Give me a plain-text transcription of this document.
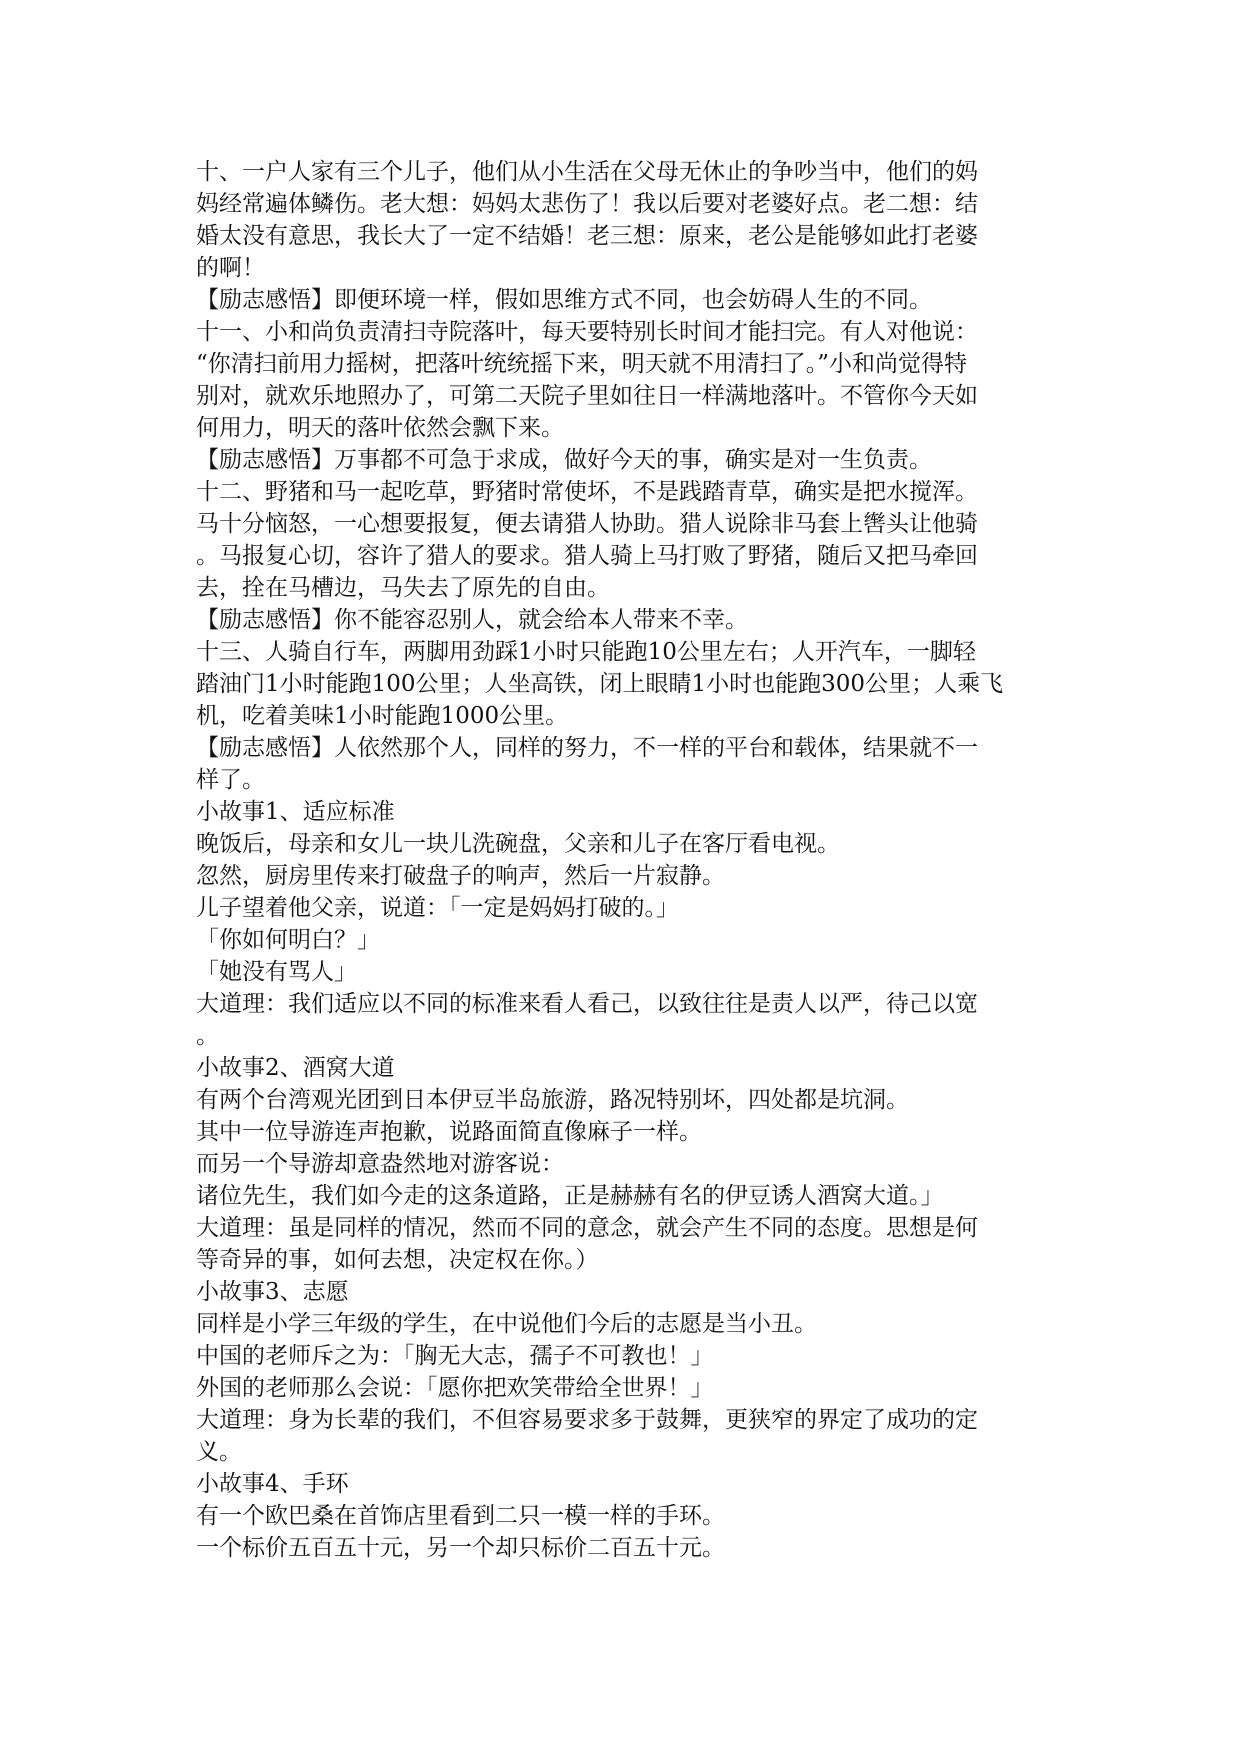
十、一户人家有三个儿子，他们从小生活在父母无休止的争吵当中，他们的妈

妈经常遍体鳞伤。老大想：妈妈太悲伤了！我以后要对老婆好点。老二想：结

婚太没有意思，我长大了一定不结婚！老三想：原来，老公是能够如此打老婆

的啊！

【励志感悟】即便环境一样，假如思维方式不同，也会妨碍人生的不同。

十一、小和尚负责清扫寺院落叶，每天要特别长时间才能扫完。有人对他说：

“你清扫前用力摇树，把落叶统统摇下来，明天就不用清扫了。”小和尚觉得特

别对，就欢乐地照办了，可第二天院子里如往日一样满地落叶。不管你今天如

何用力，明天的落叶依然会飘下来。

【励志感悟】万事都不可急于求成，做好今天的事，确实是对一生负责。

十二、野猪和马一起吃草，野猪时常使坏，不是践踏青草，确实是把水搅浑。

马十分恼怒，一心想要报复，便去请猎人协助。猎人说除非马套上辔头让他骑

。马报复心切，容许了猎人的要求。猎人骑上马打败了野猪，随后又把马牵回

去，拴在马槽边，马失去了原先的自由。

【励志感悟】你不能容忍别人，就会给本人带来不幸。

十三、人骑自行车，两脚用劲踩1小时只能跑10公里左右；人开汽车，一脚轻

踏油门1小时能跑100公里；人坐高铁，闭上眼睛1小时也能跑300公里；人乘飞

机，吃着美味1小时能跑1000公里。

【励志感悟】人依然那个人，同样的努力，不一样的平台和载体，结果就不一

样了。

小故事1、适应标准

晚饭后，母亲和女儿一块儿洗碗盘，父亲和儿子在客厅看电视。

忽然，厨房里传来打破盘子的响声，然后一片寂静。

儿子望着他父亲，说道：「一定是妈妈打破的。」

「你如何明白？」

「她没有骂人」

大道理：我们适应以不同的标准来看人看己，以致往往是责人以严，待己以宽

。

小故事2、酒窝大道

有两个台湾观光团到日本伊豆半岛旅游，路况特别坏，四处都是坑洞。

其中一位导游连声抱歉，说路面简直像麻子一样。

而另一个导游却意盎然地对游客说：

诸位先生，我们如今走的这条道路，正是赫赫有名的伊豆诱人酒窝大道。」

大道理：虽是同样的情况，然而不同的意念，就会产生不同的态度。思想是何

等奇异的事，如何去想，决定权在你。）

小故事3、志愿

同样是小学三年级的学生，在中说他们今后的志愿是当小丑。

中国的老师斥之为：「胸无大志，孺子不可教也！」

外国的老师那么会说：「愿你把欢笑带给全世界！」

大道理：身为长辈的我们，不但容易要求多于鼓舞，更狭窄的界定了成功的定

义。

小故事4、手环

有一个欧巴桑在首饰店里看到二只一模一样的手环。

一个标价五百五十元，另一个却只标价二百五十元。
